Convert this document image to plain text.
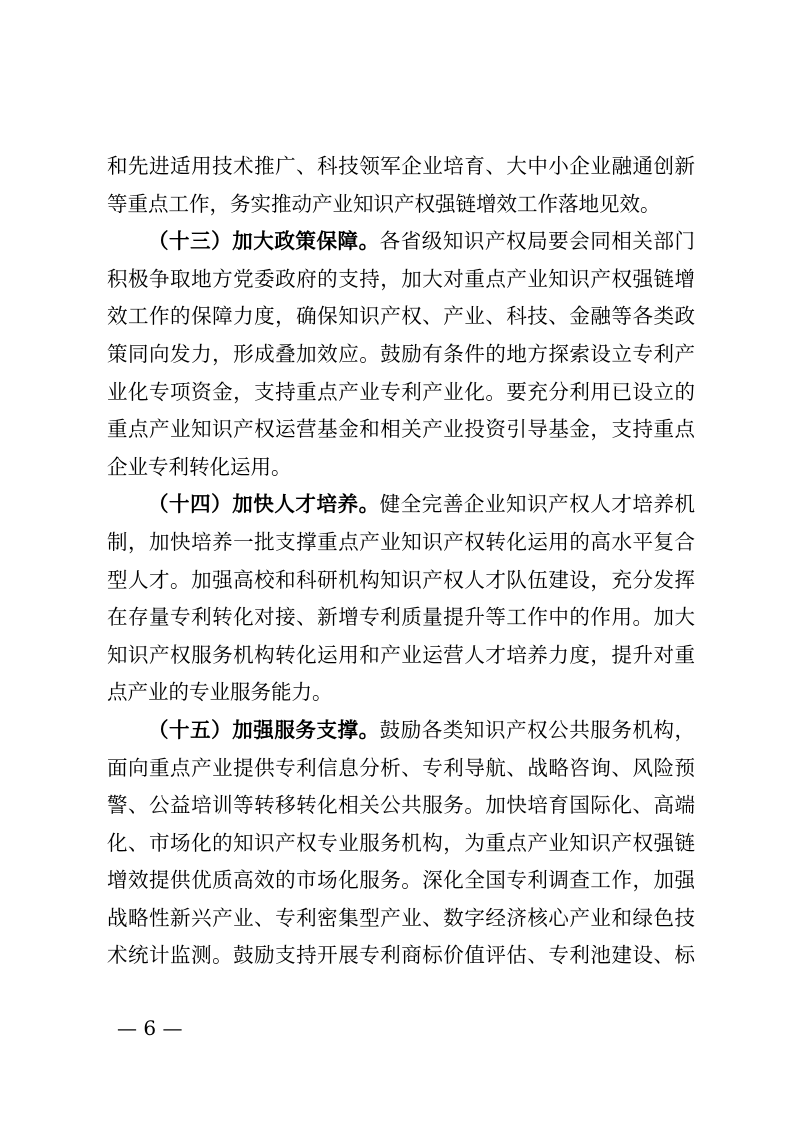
和先进适用技术推广、科技领军企业培育、大中小企业融通创新
等重点工作，务实推动产业知识产权强链增效工作落地见效。
（十三）加大政策保障。各省级知识产权局要会同相关部门
积极争取地方党委政府的支持，加大对重点产业知识产权强链增
效工作的保障力度，确保知识产权、产业、科技、金融等各类政
策同向发力，形成叠加效应。鼓励有条件的地方探索设立专利产
业化专项资金，支持重点产业专利产业化。要充分利用已设立的
重点产业知识产权运营基金和相关产业投资引导基金，支持重点
企业专利转化运用。
（十四）加快人才培养。健全完善企业知识产权人才培养机
制，加快培养一批支撑重点产业知识产权转化运用的高水平复合
型人才。加强高校和科研机构知识产权人才队伍建设，充分发挥
在存量专利转化对接、新增专利质量提升等工作中的作用。加大
知识产权服务机构转化运用和产业运营人才培养力度，提升对重
点产业的专业服务能力。
（十五）加强服务支撑。鼓励各类知识产权公共服务机构，
面向重点产业提供专利信息分析、专利导航、战略咨询、风险预
警、公益培训等转移转化相关公共服务。加快培育国际化、高端
化、市场化的知识产权专业服务机构，为重点产业知识产权强链
增效提供优质高效的市场化服务。深化全国专利调查工作，加强
战略性新兴产业、专利密集型产业、数字经济核心产业和绿色技
术统计监测。鼓励支持开展专利商标价值评估、专利池建设、标
— 6 —
